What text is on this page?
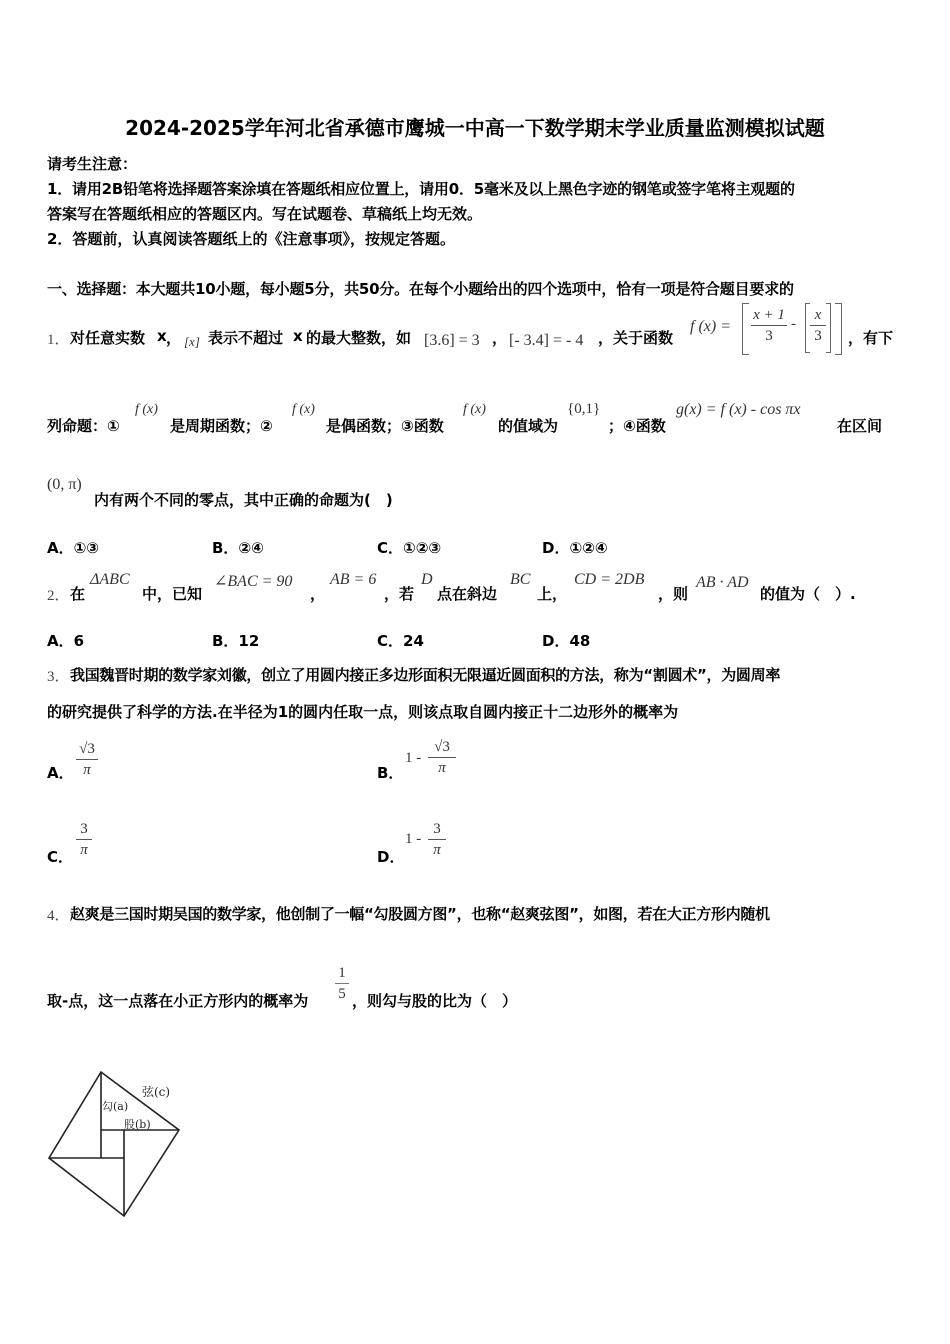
2024-2025学年河北省承德市鹰城一中高一下数学期末学业质量监测模拟试题
请考生注意：
1．请用2B铅笔将选择题答案涂填在答题纸相应位置上，请用0．5毫米及以上黑色字迹的钢笔或签字笔将主观题的
答案写在答题纸相应的答题区内。写在试题卷、草稿纸上均无效。
2．答题前，认真阅读答题纸上的《注意事项》，按规定答题。
一、选择题：本大题共10小题，每小题5分，共50分。在每个小题给出的四个选项中，恰有一项是符合题目要求的
1． 对任意实数 x ， [x] 表示不超过 x 的最大整数，如 [3.6] = 3 ， [- 3.4] = - 4 ，关于函数
f $(x) = \frac{x + 1}{3} - \frac{x}{3}$ ，有下
列命题：①
f (x)
是周期函数；②
f (x)
是偶函数；③函数
f (x)
的值域为
{0,1}
；④函数
g(x) = f (x) - cos πx
在区间
(0, π)
内有两个不同的零点，其中正确的命题为(　)
A．①③	B．②④	C．①②③	D．①②④
2． 在
ΔABC
中，已知
∠BAC = 90
，
AB = 6
，若
D
点在斜边
BC
上，
CD = 2DB
，则
AB · AD
的值为（　）.
A．6	B．12	C．24	D．48
3． 我国魏晋时期的数学家刘徽，创立了用圆内接正多边形面积无限逼近圆面积的方法，称为“割圆术”，为圆周率
的研究提供了科学的方法.在半径为1的圆内任取一点，则该点取自圆内接正十二边形外的概率为
A． $\frac{√3}{\pi}$	B．
$1 - \frac{√3}{\pi}$
C． $\frac{3}{\pi}$	D．
$1 - \frac{3}{\pi}$
4． 赵爽是三国时期吴国的数学家，他创制了一幅“勾股圆方图”，也称“赵爽弦图”，如图，若在大正方形内随机
取-点，这一点落在小正方形内的概率为 $\frac{1}{5}$ ，则勾与股的比为（　）
弦(c)
勾(a)
股(b)
